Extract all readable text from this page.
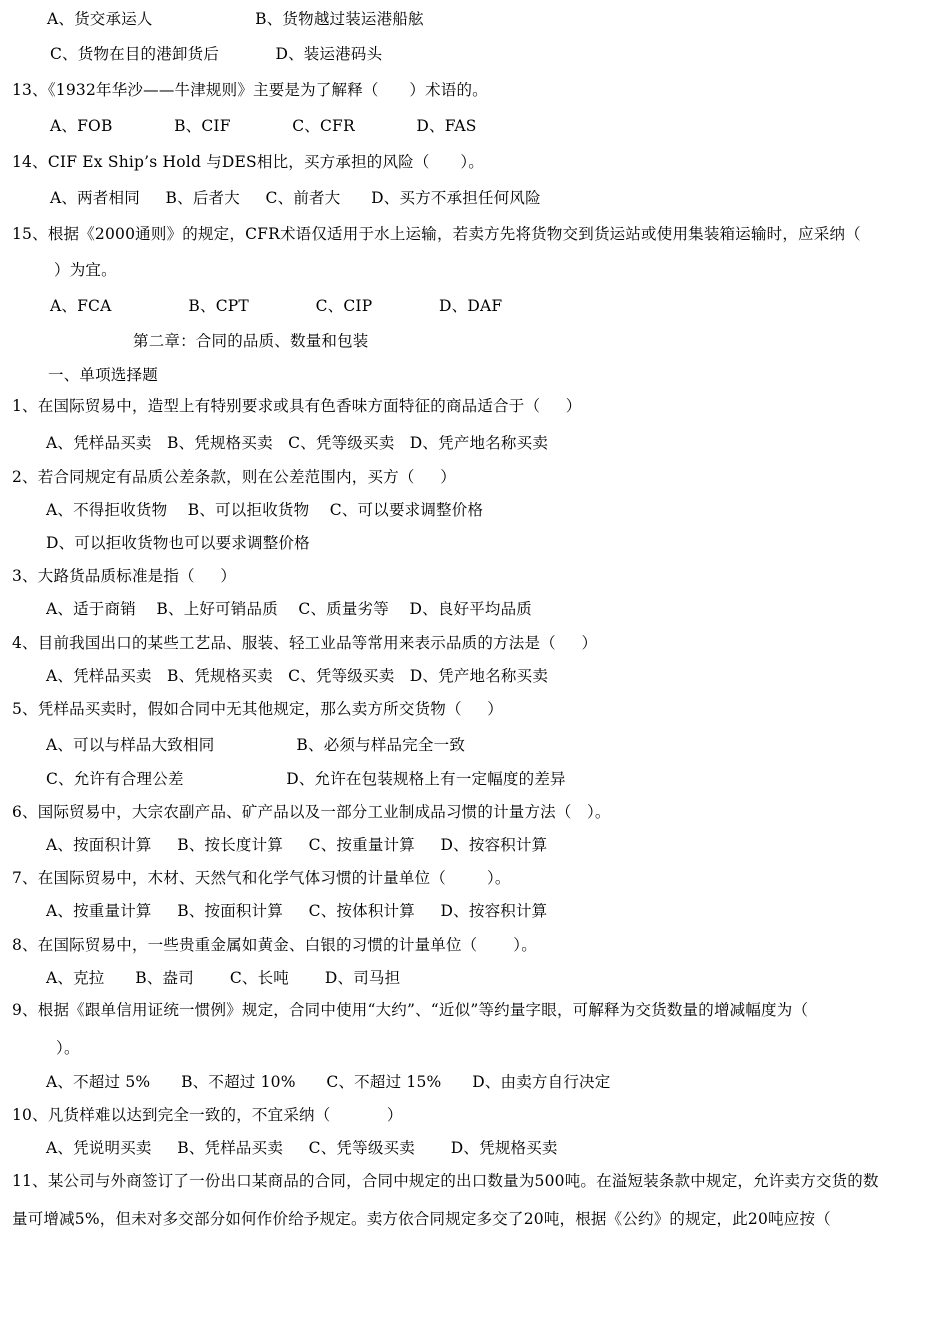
A、货交承运人                    B、货物越过装运港船舷
C、货物在目的港卸货后           D、装运港码头
13、《1932年华沙——牛津规则》主要是为了解释（      ）术语的。
A、FOB            B、CIF            C、CFR            D、FAS
14、CIF Ex Ship’s Hold 与DES相比，买方承担的风险（      ）。
A、两者相同     B、后者大     C、前者大      D、买方不承担任何风险
15、根据《2000通则》的规定，CFR术语仅适用于水上运输，若卖方先将货物交到货运站或使用集装箱运输时，应采纳（
）为宜。
A、FCA               B、CPT             C、CIP             D、DAF
第二章：合同的品质、数量和包装
一、单项选择题
1、在国际贸易中，造型上有特别要求或具有色香味方面特征的商品适合于（     ）
A、凭样品买卖   B、凭规格买卖   C、凭等级买卖   D、凭产地名称买卖
2、若合同规定有品质公差条款，则在公差范围内，买方（     ）
A、不得拒收货物    B、可以拒收货物    C、可以要求调整价格
D、可以拒收货物也可以要求调整价格
3、大路货品质标准是指（     ）
A、适于商销    B、上好可销品质    C、质量劣等    D、良好平均品质
4、目前我国出口的某些工艺品、服装、轻工业品等常用来表示品质的方法是（     ）
A、凭样品买卖   B、凭规格买卖   C、凭等级买卖   D、凭产地名称买卖
5、凭样品买卖时，假如合同中无其他规定，那么卖方所交货物（     ）
A、可以与样品大致相同                B、必须与样品完全一致
C、允许有合理公差                    D、允许在包装规格上有一定幅度的差异
6、国际贸易中，大宗农副产品、矿产品以及一部分工业制成品习惯的计量方法（   ）。
A、按面积计算     B、按长度计算     C、按重量计算     D、按容积计算
7、在国际贸易中，木材、天然气和化学气体习惯的计量单位（        ）。
A、按重量计算     B、按面积计算     C、按体积计算     D、按容积计算
8、在国际贸易中，一些贵重金属如黄金、白银的习惯的计量单位（       ）。
A、克拉      B、盎司       C、长吨       D、司马担
9、根据《跟单信用证统一惯例》规定，合同中使用“大约”、“近似”等约量字眼，可解释为交货数量的增减幅度为（
）。
A、不超过 5%      B、不超过 10%      C、不超过 15%      D、由卖方自行决定
10、凡货样难以达到完全一致的，不宜采纳（           ）
A、凭说明买卖     B、凭样品买卖     C、凭等级买卖       D、凭规格买卖
11、某公司与外商签订了一份出口某商品的合同，合同中规定的出口数量为500吨。在溢短装条款中规定，允许卖方交货的数
量可增减5%，但未对多交部分如何作价给予规定。卖方依合同规定多交了20吨，根据《公约》的规定，此20吨应按（
